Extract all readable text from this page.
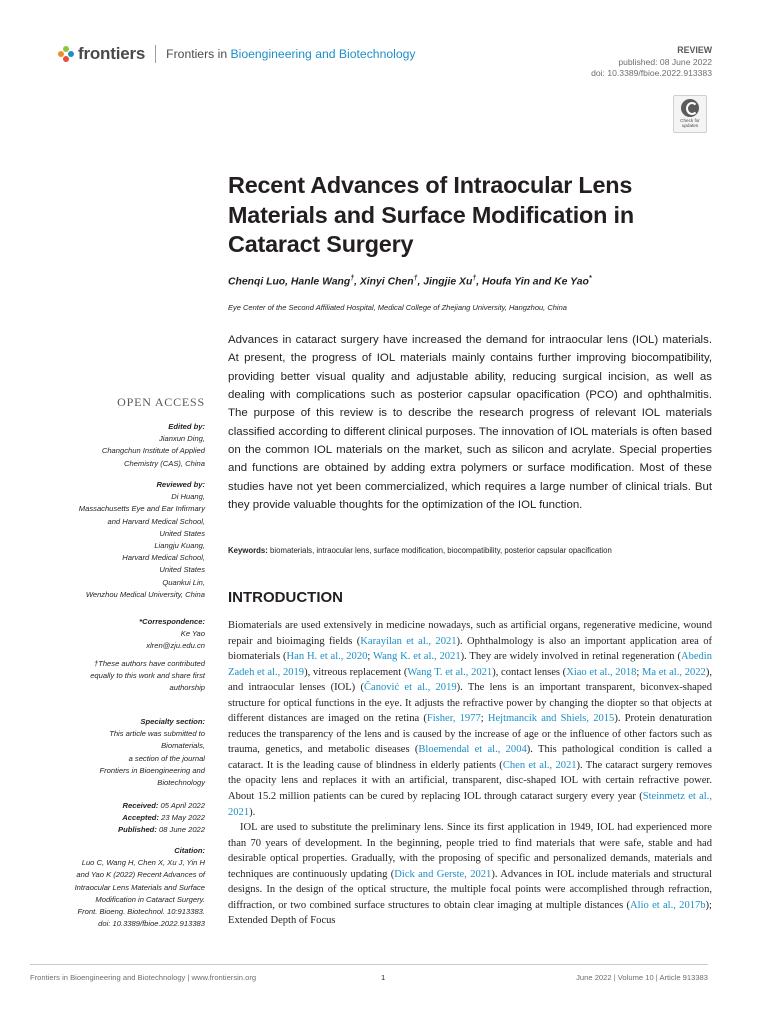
frontiers Frontiers in Bioengineering and Biotechnology	REVIEW
published: 08 June 2022
doi: 10.3389/fbioe.2022.913383
Check for updates
Recent Advances of Intraocular Lens Materials and Surface Modification in Cataract Surgery
Chenqi Luo, Hanle Wang†, Xinyi Chen†, Jingjie Xu†, Houfa Yin and Ke Yao*
Eye Center of the Second Affiliated Hospital, Medical College of Zhejiang University, Hangzhou, China

Advances in cataract surgery have increased the demand for intraocular lens (IOL) materials. At present, the progress of IOL materials mainly contains further improving biocompatibility, providing better visual quality and adjustable ability, reducing surgical incision, as well as dealing with complications such as posterior capsular opacification (PCO) and ophthalmitis. The purpose of this review is to describe the research progress of relevant IOL materials classified according to different clinical purposes. The innovation of IOL materials is often based on the common IOL materials on the market, such as silicon and acrylate. Special properties and functions are obtained by adding extra polymers or surface modification. Most of these studies have not yet been commercialized, which requires a large number of clinical trials. But they provide valuable thoughts for the optimization of the IOL function.

Keywords: biomaterials, intraocular lens, surface modification, biocompatibility, posterior capsular opacification
INTRODUCTION

Biomaterials are used extensively in medicine nowadays, such as artificial organs, regenerative medicine, wound repair and bioimaging fields (Karayilan et al., 2021). Ophthalmology is also an important application area of biomaterials (Han H. et al., 2020; Wang K. et al., 2021). They are widely involved in retinal regeneration (Abedin Zadeh et al., 2019), vitreous replacement (Wang T. et al., 2021), contact lenses (Xiao et al., 2018; Ma et al., 2022), and intraocular lenses (IOL) (Čanović et al., 2019). The lens is an important transparent, biconvex-shaped structure for optical functions in the eye. It adjusts the refractive power by changing the diopter so that objects at different distances are imaged on the retina (Fisher, 1977; Hejtmancik and Shiels, 2015). Protein denaturation reduces the transparency of the lens and is caused by the increase of age or the influence of other factors such as trauma, genetics, and metabolic diseases (Bloemendal et al., 2004). This pathological condition is called a cataract. It is the leading cause of blindness in elderly patients (Chen et al., 2021). The cataract surgery removes the opacity lens and replaces it with an artificial, transparent, disc-shaped IOL with certain refractive power. About 15.2 million patients can be cured by replacing IOL through cataract surgery every year (Steinmetz et al., 2021).

IOL are used to substitute the preliminary lens. Since its first application in 1949, IOL had experienced more than 70 years of development. In the beginning, people tried to find materials that were safe, stable and had desirable optical properties. Gradually, with the proposing of specific and personalized demands, materials and techniques are continuously updating (Dick and Gerste, 2021). Advances in IOL include materials and structural designs. In the design of the optical structure, the multiple focal points were accomplished through refraction, diffraction, or two combined surface structures to obtain clear imaging at multiple distances (Alio et al., 2017b); Extended Depth of Focus

OPEN ACCESS
Edited by:
Jianxun Ding,
Changchun Institute of Applied
Chemistry (CAS), China
Reviewed by:
Di Huang,
Massachusetts Eye and Ear Infirmary
and Harvard Medical School,
United States
Liangju Kuang,
Harvard Medical School,
United States
Quankui Lin,
Wenzhou Medical University, China
*Correspondence:
Ke Yao
xlren@zju.edu.cn
†These authors have contributed
equally to this work and share first
authorship
Specialty section:
This article was submitted to
Biomaterials,
a section of the journal
Frontiers in Bioengineering and
Biotechnology
Received: 05 April 2022
Accepted: 23 May 2022
Published: 08 June 2022
Citation:
Luo C, Wang H, Chen X, Xu J, Yin H
and Yao K (2022) Recent Advances of
Intraocular Lens Materials and Surface
Modification in Cataract Surgery.
Front. Bioeng. Biotechnol. 10:913383.
doi: 10.3389/fbioe.2022.913383
Frontiers in Bioengineering and Biotechnology | www.frontiersin.org	1	June 2022 | Volume 10 | Article 913383
